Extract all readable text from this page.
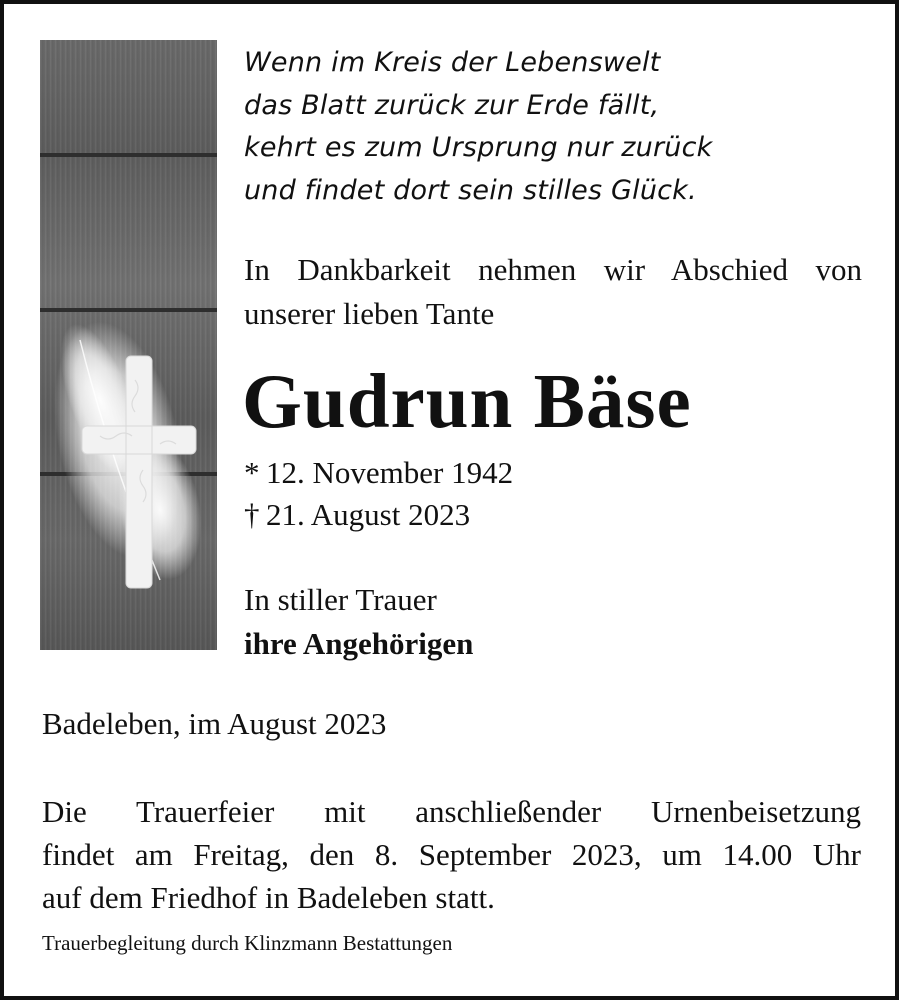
Wenn im Kreis der Lebenswelt
das Blatt zurück zur Erde fällt,
kehrt es zum Ursprung nur zurück
und findet dort sein stilles Glück.
In Dankbarkeit nehmen wir Abschied von
unserer lieben Tante
Gudrun Bäse
* 12. November 1942
† 21. August 2023
In stiller Trauer
ihre Angehörigen
Badeleben, im August 2023
Die Trauerfeier mit anschließender Urnenbeisetzung
findet am Freitag, den 8. September 2023, um 14.00 Uhr
auf dem Friedhof in Badeleben statt.
Trauerbegleitung durch Klinzmann Bestattungen
